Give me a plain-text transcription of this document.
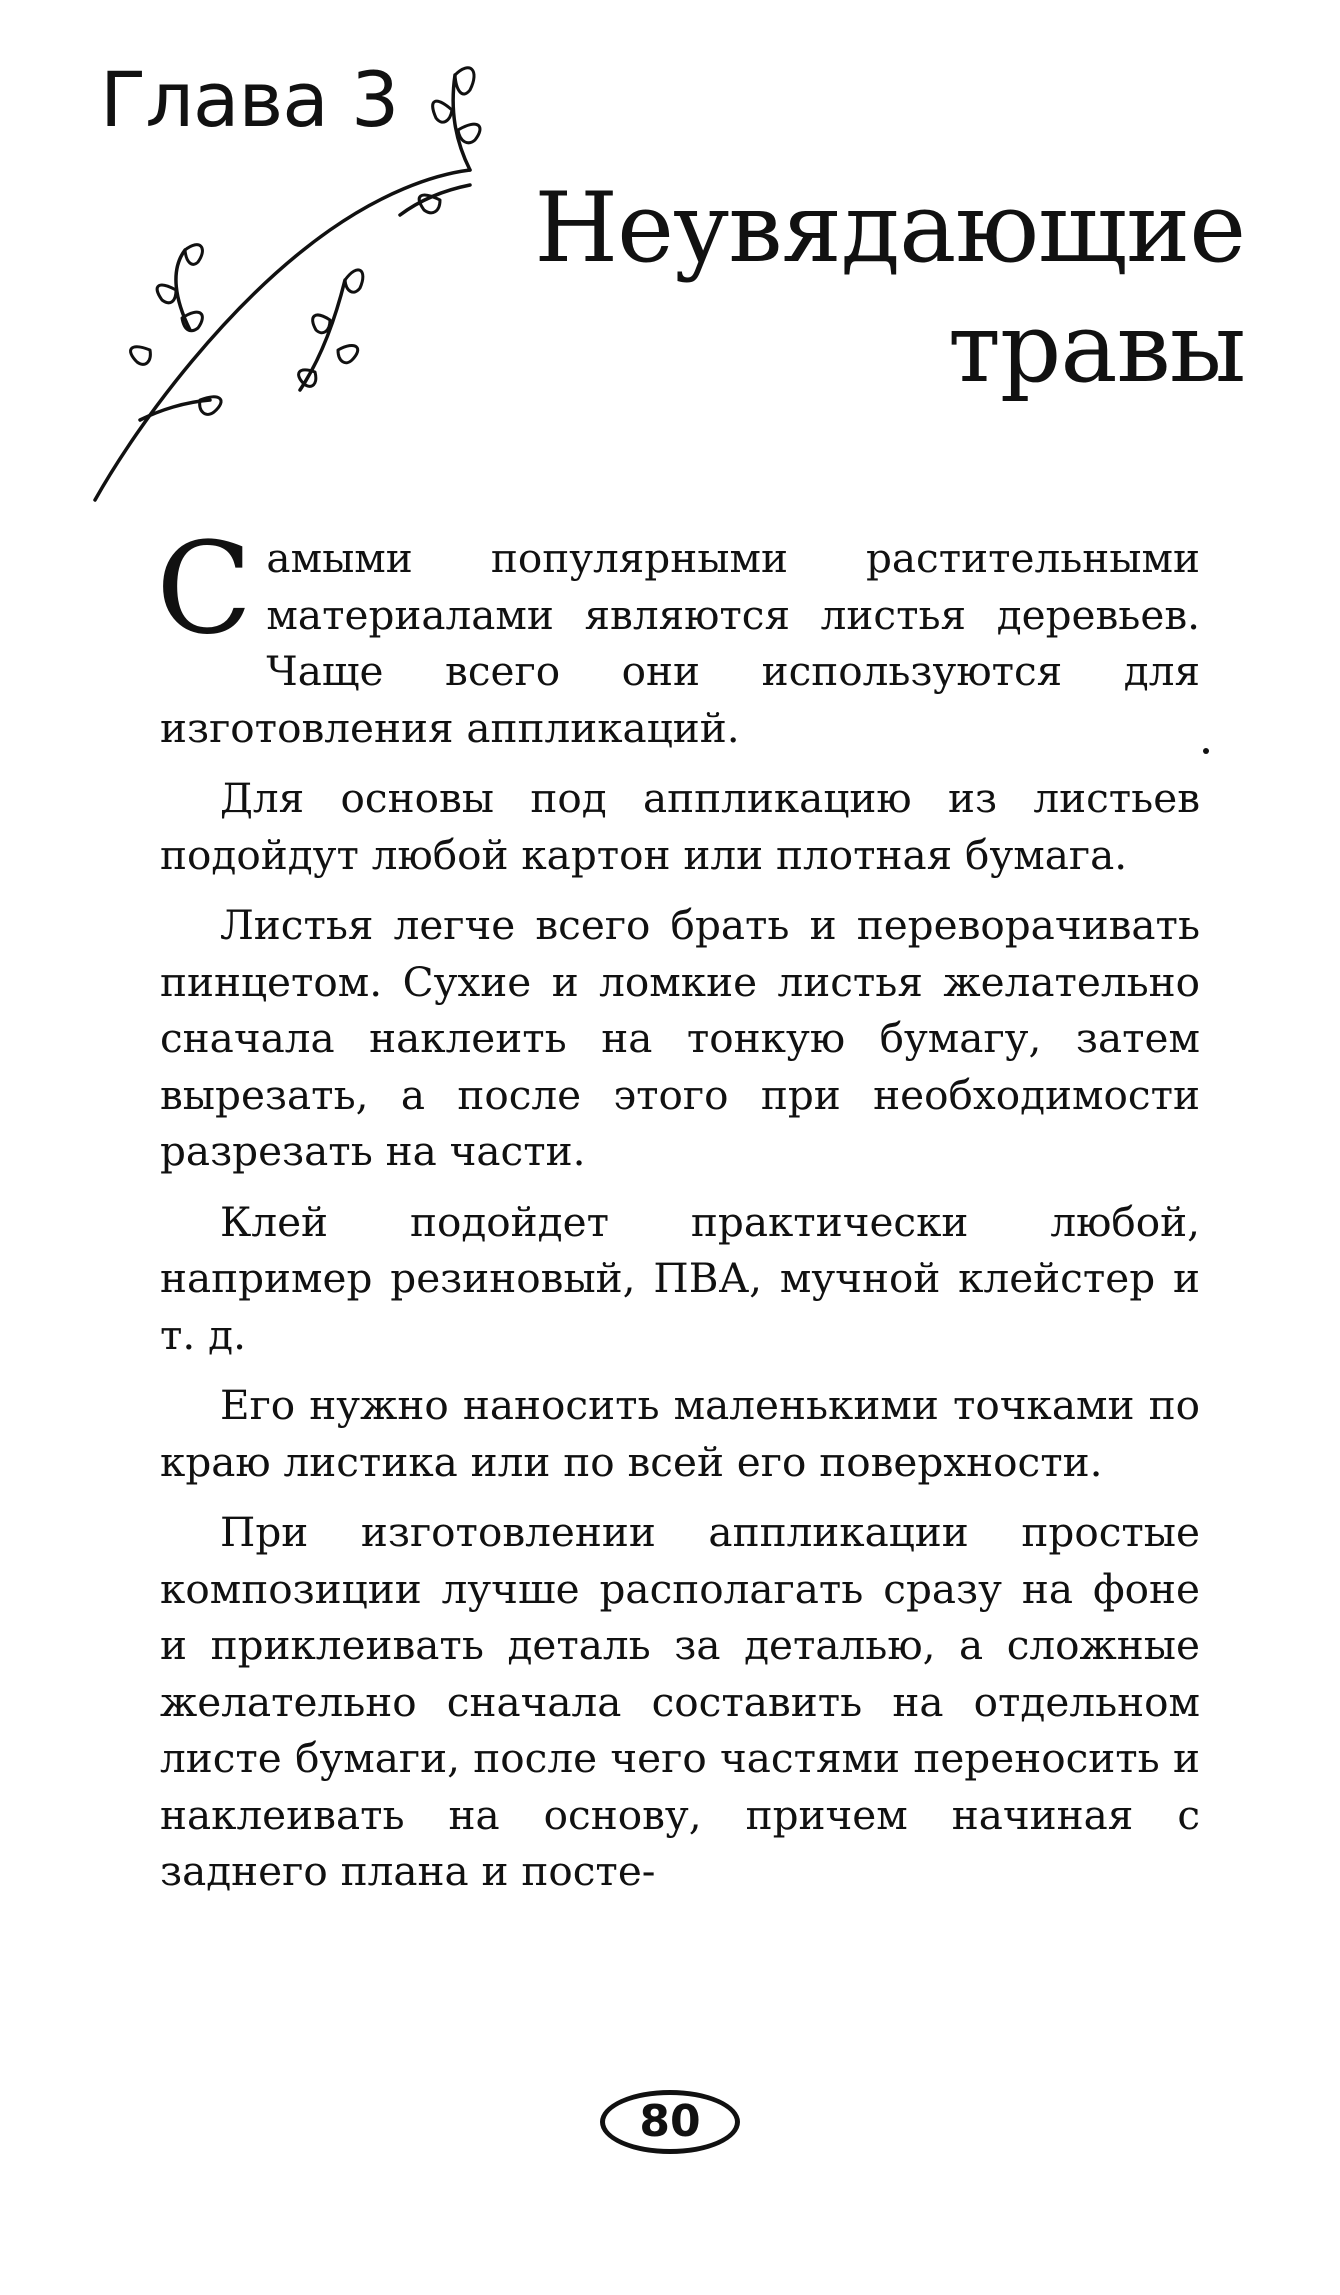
Глава 3
Неувядающие
травы

Самыми популярными растительными материалами являются листья деревьев. Чаще всего они используются для изготовления аппликаций.

Для основы под аппликацию из листьев подойдут любой картон или плотная бумага.

Листья легче всего брать и переворачивать пинцетом. Сухие и ломкие листья желательно сначала наклеить на тонкую бумагу, затем вырезать, а после этого при необходимости разрезать на части.

Клей подойдет практически любой, например резиновый, ПВА, мучной клейстер и т. д.

Его нужно наносить маленькими точками по краю листика или по всей его поверхности.

При изготовлении аппликации простые композиции лучше располагать сразу на фоне и приклеивать деталь за деталью, а сложные желательно сначала составить на отдельном листе бумаги, после чего частями переносить и наклеивать на основу, причем начиная с заднего плана и посте-

80
